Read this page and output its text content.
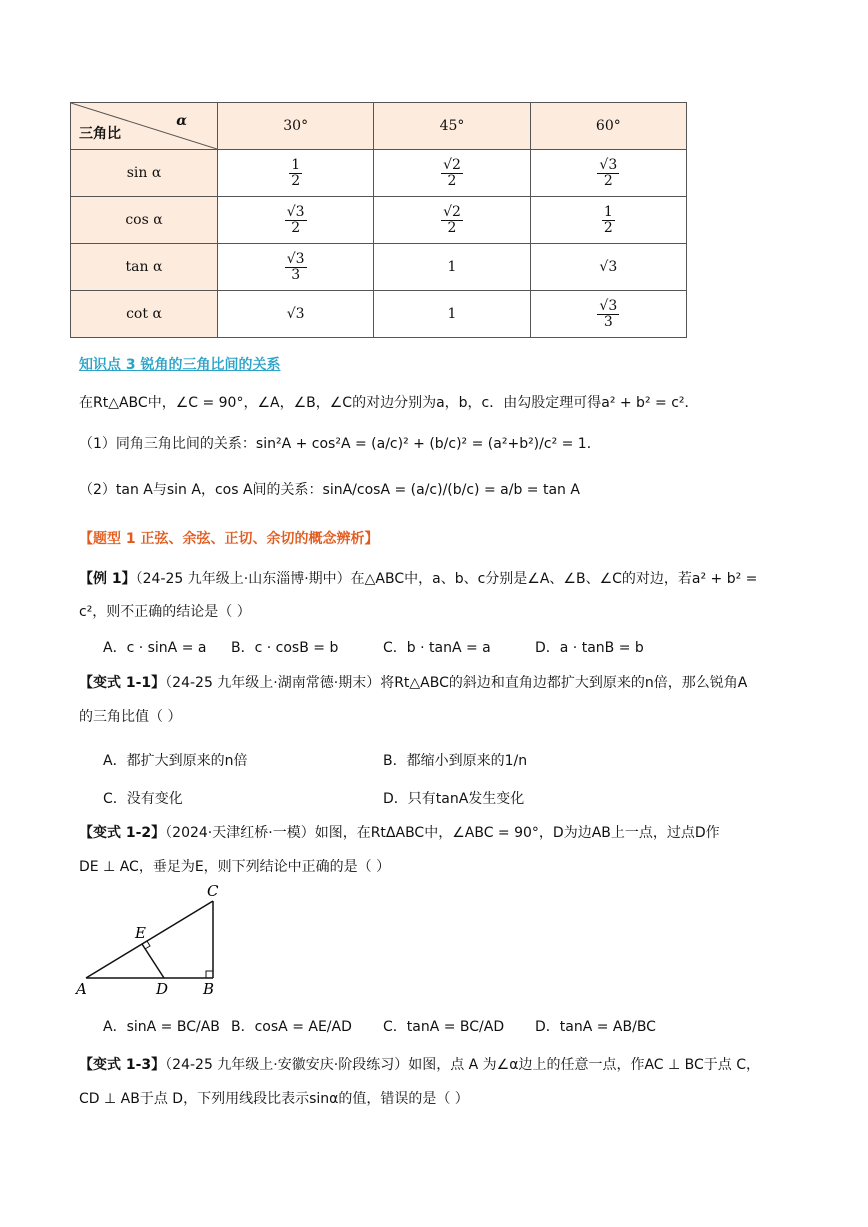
α
三角比	30°	45°	60°
sin α	$\frac{1}{2}$	$\frac{√2}{2}$	$\frac{√3}{2}$

cos α	$\frac{√3}{2}$	$\frac{√2}{2}$	$\frac{1}{2}$

tan α	$\frac{√3}{3}$	1	√3
cot α	√3	1	$\frac{√3}{3}$
知识点 3 锐角的三角比间的关系
在Rt△ABC中，∠C = 90°，∠A，∠B，∠C的对边分别为a，b，c．由勾股定理可得a² + b² = c²．
（1）同角三角比间的关系：sin²A + cos²A = (a/c)² + (b/c)² = (a²+b²)/c² = 1．
（2）tan A与sin A，cos A间的关系：sinA/cosA = (a/c)/(b/c) = a/b = tan A
【题型 1 正弦、余弦、正切、余切的概念辨析】
【例 1】（24-25 九年级上·山东淄博·期中）在△ABC中，a、b、c分别是∠A、∠B、∠C的对边，若a² + b² =
c²，则不正确的结论是（ ）
A．c · sinA = a B．c · cosB = b	C．b · tanA = a	D．a · tanB = b
【变式 1-1】（24-25 九年级上·湖南常德·期末）将Rt△ABC的斜边和直角边都扩大到原来的n倍，那么锐角A
的三角比值（ ）
A．都扩大到原来的n倍	B．都缩小到原来的1/n
C．没有变化	D．只有tanA发生变化
【变式 1-2】（2024·天津红桥·一模）如图，在RtΔABC中，∠ABC = 90°，D为边AB上一点，过点D作
DE ⊥ AC，垂足为E，则下列结论中正确的是（ ）
C
E
A	D B
A．sinA = BC/AB B．cosA = AE/AD C．tanA = BC/AD D．tanA = AB/BC
【变式 1-3】（24-25 九年级上·安徽安庆·阶段练习）如图，点 A 为∠α边上的任意一点，作AC ⊥ BC于点 C，
CD ⊥ AB于点 D，下列用线段比表示sinα的值，错误的是（ ）
